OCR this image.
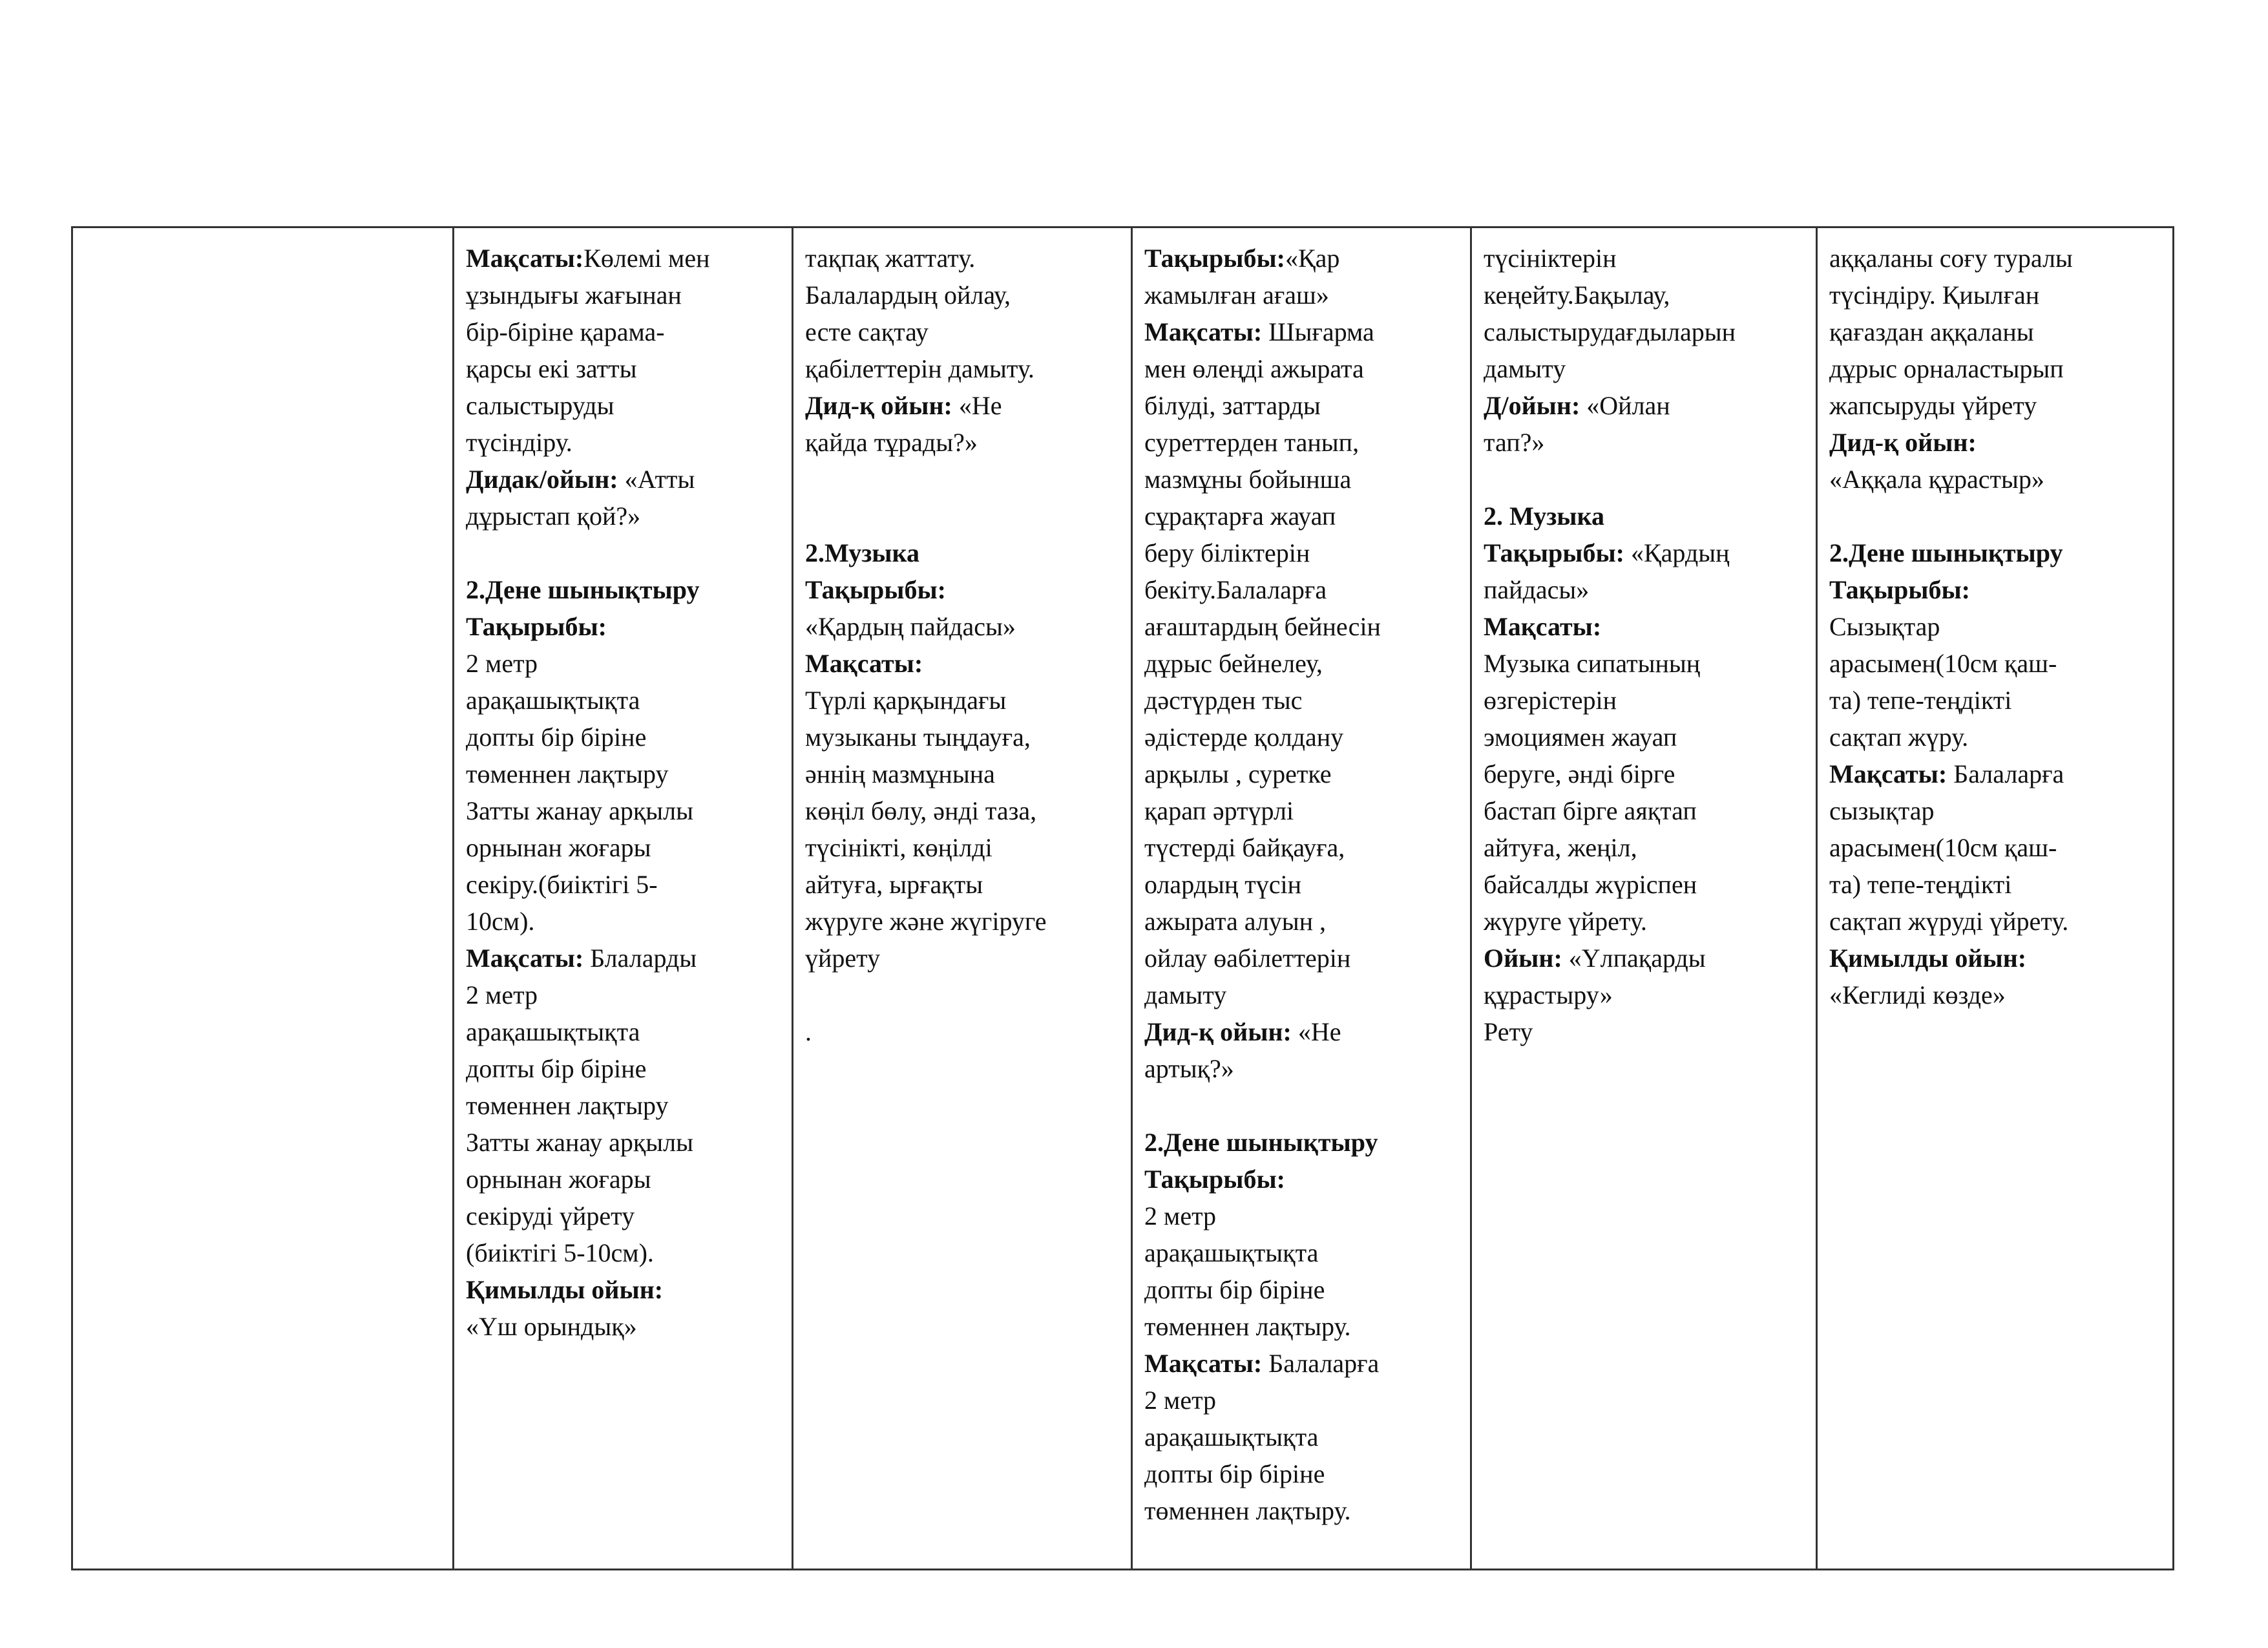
Мақсаты:Көлемі мен
ұзындығы жағынан
бір-біріне қарама-
қарсы екі затты
салыстыруды
түсіндіру.
Дидак/ойын: «Атты
дұрыстап қой?»
2.Дене шынықтыру
Тақырыбы:
2 метр
арақашықтықта
допты бір біріне
төменнен лақтыру
Затты жанау арқылы
орнынан жоғары
секіру.(биіктігі 5-
10см).
Мақсаты: Блаларды
2 метр
арақашықтықта
допты бір біріне
төменнен лақтыру
Затты жанау арқылы
орнынан жоғары
секіруді үйрету
(биіктігі 5-10см).
Қимылды ойын:
«Үш орындық»
тақпақ жаттату.
Балалардың ойлау,
есте сақтау
қабілеттерін дамыту.
Дид-қ ойын: «Не
қайда тұрады?»
2.Музыка
Тақырыбы:
«Қардың пайдасы»
Мақсаты:
Түрлі қарқындағы
музыканы тыңдауға,
әннің мазмұнына
көңіл бөлу, әнді таза,
түсінікті, көңілді
айтуға, ырғақты
жүруге және жүгіруге
үйрету
.
Тақырыбы:«Қар
жамылған ағаш»
Мақсаты: Шығарма
мен өлеңді ажырата
білуді, заттарды
суреттерден танып,
мазмұны бойынша
сұрақтарға жауап
беру біліктерін
бекіту.Балаларға
ағаштардың бейнесін
дұрыс бейнелеу,
дәстүрден тыс
әдістерде қолдану
арқылы , суретке
қарап әртүрлі
түстерді байқауға,
олардың түсін
ажырата алуын ,
ойлау өабілеттерін
дамыту
Дид-қ ойын: «Не
артық?»
2.Дене шынықтыру
Тақырыбы:
2 метр
арақашықтықта
допты бір біріне
төменнен лақтыру.
Мақсаты: Балаларға
2 метр
арақашықтықта
допты бір біріне
төменнен лақтыру.
түсініктерін
кеңейту.Бақылау,
салыстырудағдыларын
дамыту
Д/ойын: «Ойлан
тап?»
2. Музыка
Тақырыбы: «Қардың
пайдасы»
Мақсаты:
Музыка сипатының
өзгерістерін
эмоциямен жауап
беруге, әнді бірге
бастап бірге аяқтап
айтуға, жеңіл,
байсалды жүріспен
жүруге үйрету.
Ойын: «Үлпақарды
құрастыру»
Рету
аққаланы соғу туралы
түсіндіру. Қиылған
қағаздан аққаланы
дұрыс орналастырып
жапсыруды үйрету
Дид-қ ойын:
«Аққала құрастыр»
2.Дене шынықтыру
Тақырыбы:
Сызықтар
арасымен(10см қаш-
та) тепе-теңдікті
сақтап жүру.
Мақсаты: Балаларға
сызықтар
арасымен(10см қаш-
та) тепе-теңдікті
сақтап жүруді үйрету.
Қимылды ойын:
«Кеглиді көзде»
